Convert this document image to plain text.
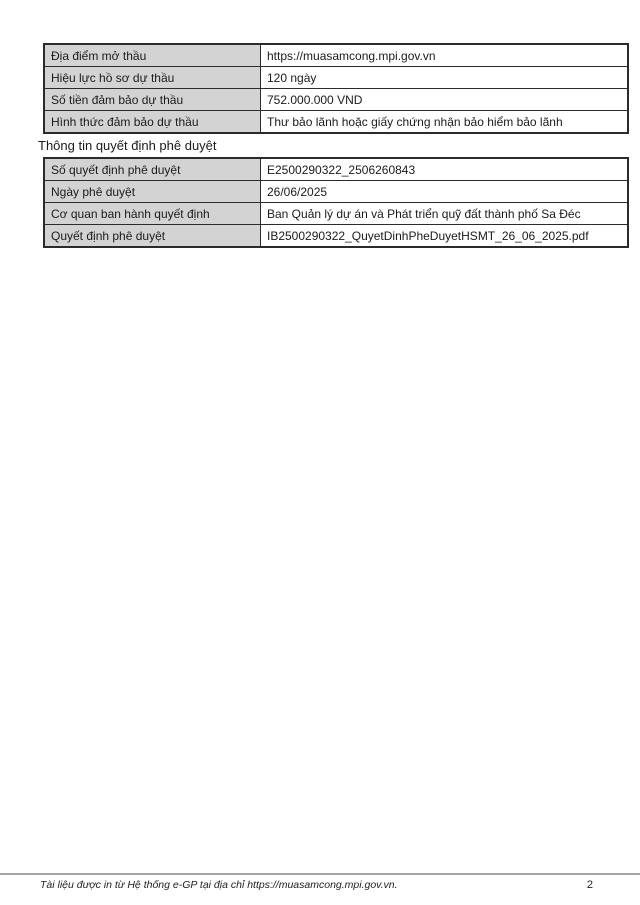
Địa điểm mở thầu	https://muasamcong.mpi.gov.vn
Hiệu lực hồ sơ dự thầu	120 ngày
Số tiền đảm bảo dự thầu	752.000.000 VND
Hình thức đảm bảo dự thầu	Thư bảo lãnh hoặc giấy chứng nhận bảo hiểm bảo lãnh
Thông tin quyết định phê duyệt
Số quyết định phê duyệt	E2500290322_2506260843
Ngày phê duyệt	26/06/2025
Cơ quan ban hành quyết định	Ban Quản lý dự án và Phát triển quỹ đất thành phố Sa Đéc
Quyết định phê duyệt	IB2500290322_QuyetDinhPheDuyetHSMT_26_06_2025.pdf
Tài liệu được in từ Hệ thống e-GP tại địa chỉ https://muasamcong.mpi.gov.vn.	2
